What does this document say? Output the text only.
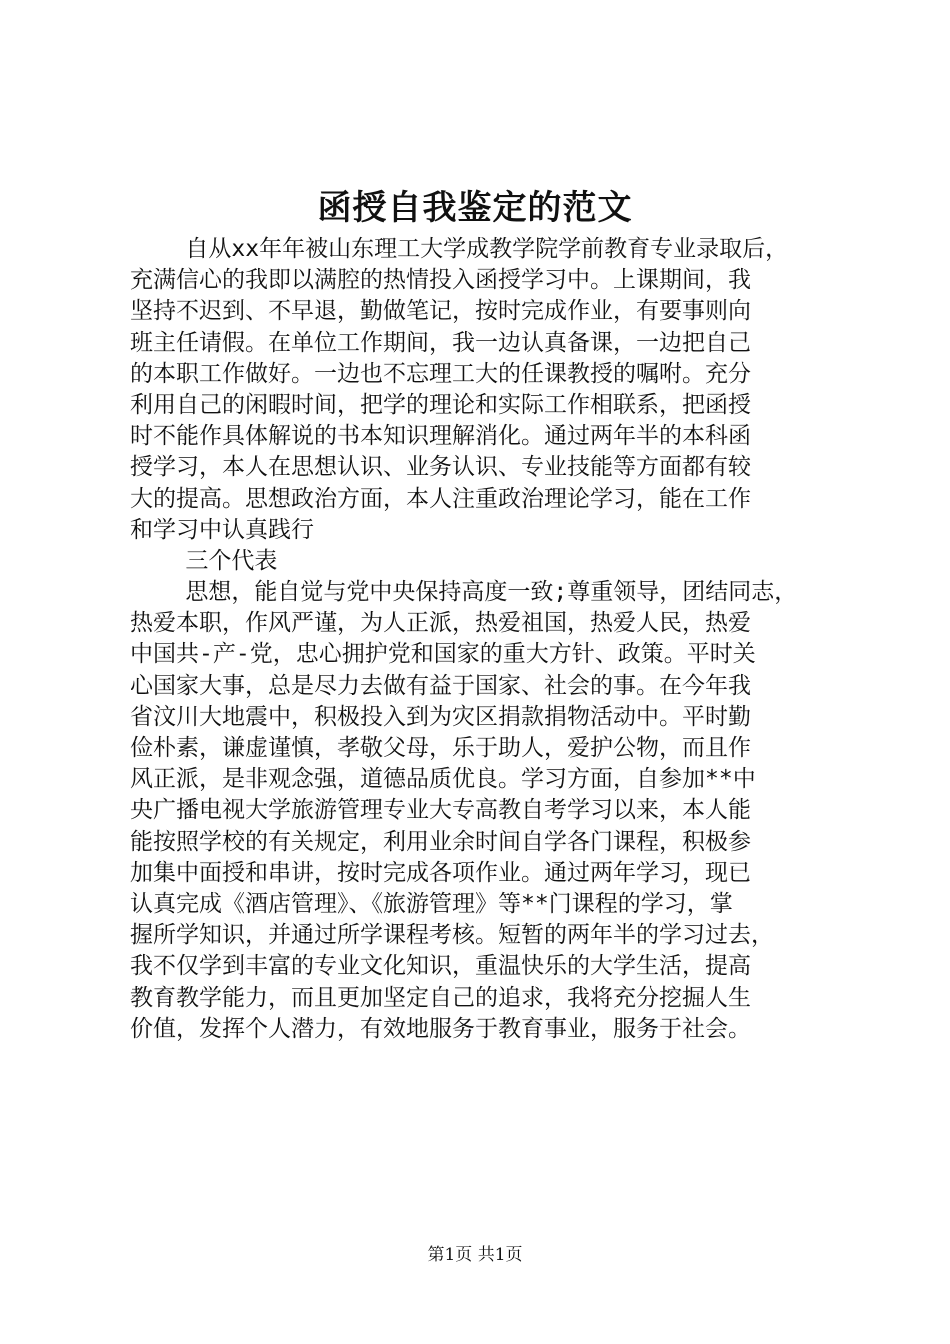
函授自我鉴定的范文
自从xx年年被山东理工大学成教学院学前教育专业录取后，
充满信心的我即以满腔的热情投入函授学习中。上课期间，我
坚持不迟到、不早退，勤做笔记，按时完成作业，有要事则向
班主任请假。在单位工作期间，我一边认真备课，一边把自己
的本职工作做好。一边也不忘理工大的任课教授的嘱咐。充分
利用自己的闲暇时间，把学的理论和实际工作相联系，把函授
时不能作具体解说的书本知识理解消化。通过两年半的本科函
授学习，本人在思想认识、业务认识、专业技能等方面都有较
大的提高。思想政治方面，本人注重政治理论学习，能在工作
和学习中认真践行
三个代表
思想，能自觉与党中央保持高度一致;尊重领导，团结同志，
热爱本职，作风严谨，为人正派，热爱祖国，热爱人民，热爱
中国共-产-党，忠心拥护党和国家的重大方针、政策。平时关
心国家大事，总是尽力去做有益于国家、社会的事。在今年我
省汶川大地震中，积极投入到为灾区捐款捐物活动中。平时勤
俭朴素，谦虚谨慎，孝敬父母，乐于助人，爱护公物，而且作
风正派，是非观念强，道德品质优良。学习方面，自参加**中
央广播电视大学旅游管理专业大专高教自考学习以来，本人能
能按照学校的有关规定，利用业余时间自学各门课程，积极参
加集中面授和串讲，按时完成各项作业。通过两年学习，现已
认真完成《酒店管理》、《旅游管理》等**门课程的学习，掌
握所学知识，并通过所学课程考核。短暂的两年半的学习过去，
我不仅学到丰富的专业文化知识，重温快乐的大学生活，提高
教育教学能力，而且更加坚定自己的追求，我将充分挖掘人生
价值，发挥个人潜力，有效地服务于教育事业，服务于社会。
第1页 共1页
